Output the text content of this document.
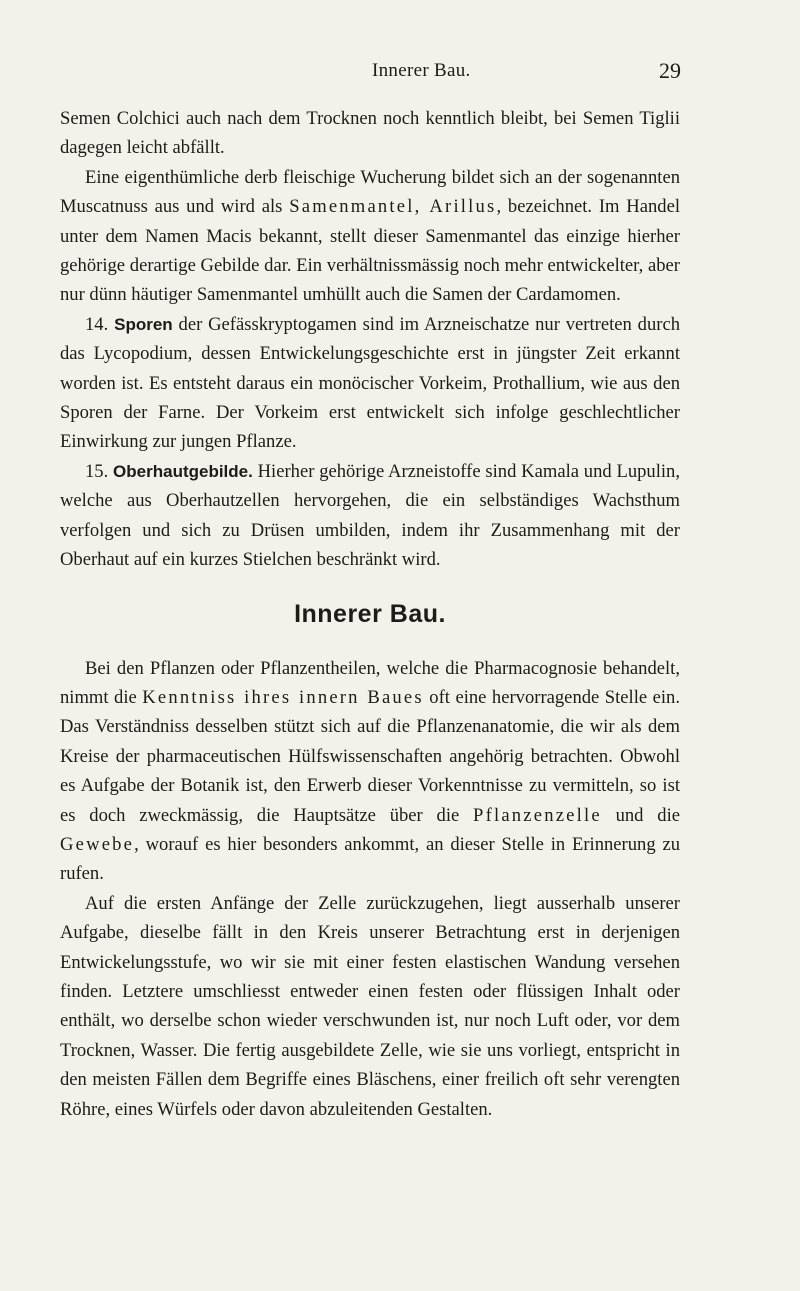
Innerer Bau.	29

Semen Colchici auch nach dem Trocknen noch kenntlich bleibt, bei Semen Tiglii dagegen leicht abfällt.

Eine eigenthümliche derb fleischige Wucherung bildet sich an der sogenannten Muscatnuss aus und wird als Samenmantel, Arillus, bezeichnet. Im Handel unter dem Namen Macis bekannt, stellt dieser Samenmantel das einzige hierher gehörige derartige Gebilde dar. Ein verhältnissmässig noch mehr entwickelter, aber nur dünn häutiger Samenmantel umhüllt auch die Samen der Cardamomen.

14. Sporen der Gefässkryptogamen sind im Arzneischatze nur vertreten durch das Lycopodium, dessen Entwickelungsgeschichte erst in jüngster Zeit erkannt worden ist. Es entsteht daraus ein monöcischer Vorkeim, Prothallium, wie aus den Sporen der Farne. Der Vorkeim erst entwickelt sich infolge geschlechtlicher Einwirkung zur jungen Pflanze.

15. Oberhautgebilde. Hierher gehörige Arzneistoffe sind Kamala und Lupulin, welche aus Oberhautzellen hervorgehen, die ein selbständiges Wachsthum verfolgen und sich zu Drüsen umbilden, indem ihr Zusammenhang mit der Oberhaut auf ein kurzes Stielchen beschränkt wird.

Innerer Bau.

Bei den Pflanzen oder Pflanzentheilen, welche die Pharmacognosie behandelt, nimmt die Kenntniss ihres innern Baues oft eine hervorragende Stelle ein. Das Verständniss desselben stützt sich auf die Pflanzenanatomie, die wir als dem Kreise der pharmaceutischen Hülfswissenschaften angehörig betrachten. Obwohl es Aufgabe der Botanik ist, den Erwerb dieser Vorkenntnisse zu vermitteln, so ist es doch zweckmässig, die Hauptsätze über die Pflanzenzelle und die Gewebe, worauf es hier besonders ankommt, an dieser Stelle in Erinnerung zu rufen.

Auf die ersten Anfänge der Zelle zurückzugehen, liegt ausserhalb unserer Aufgabe, dieselbe fällt in den Kreis unserer Betrachtung erst in derjenigen Entwickelungsstufe, wo wir sie mit einer festen elastischen Wandung versehen finden. Letztere umschliesst entweder einen festen oder flüssigen Inhalt oder enthält, wo derselbe schon wieder verschwunden ist, nur noch Luft oder, vor dem Trocknen, Wasser. Die fertig ausgebildete Zelle, wie sie uns vorliegt, entspricht in den meisten Fällen dem Begriffe eines Bläschens, einer freilich oft sehr verengten Röhre, eines Würfels oder davon abzuleitenden Gestalten.
